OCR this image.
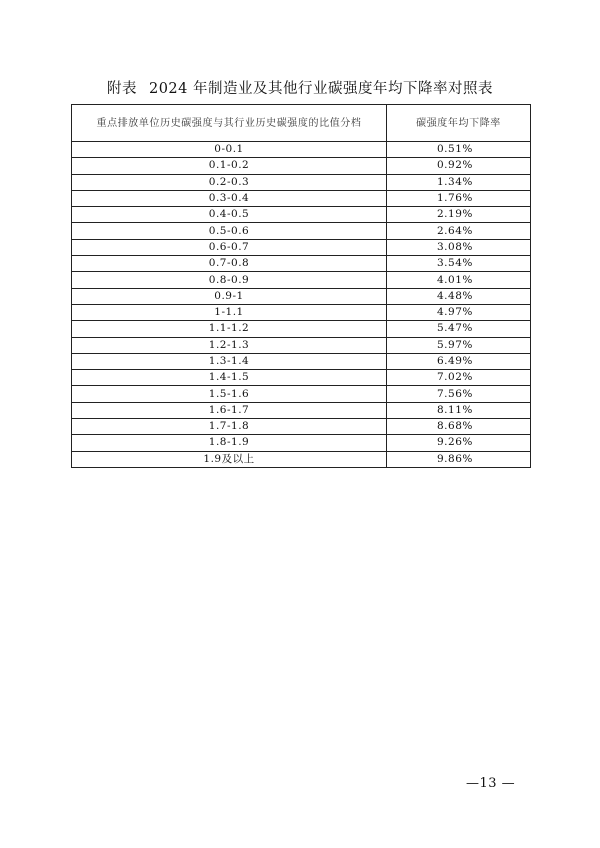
附表 2024 年制造业及其他行业碳强度年均下降率对照表
重点排放单位历史碳强度与其行业历史碳强度的比值分档	碳强度年均下降率
0-0.1	0.51%
0.1-0.2	0.92%
0.2-0.3	1.34%
0.3-0.4	1.76%
0.4-0.5	2.19%
0.5-0.6	2.64%
0.6-0.7	3.08%
0.7-0.8	3.54%
0.8-0.9	4.01%
0.9-1	4.48%
1-1.1	4.97%
1.1-1.2	5.47%
1.2-1.3	5.97%
1.3-1.4	6.49%
1.4-1.5	7.02%
1.5-1.6	7.56%
1.6-1.7	8.11%
1.7-1.8	8.68%
1.8-1.9	9.26%
1.9及以上	9.86%
—13 —
